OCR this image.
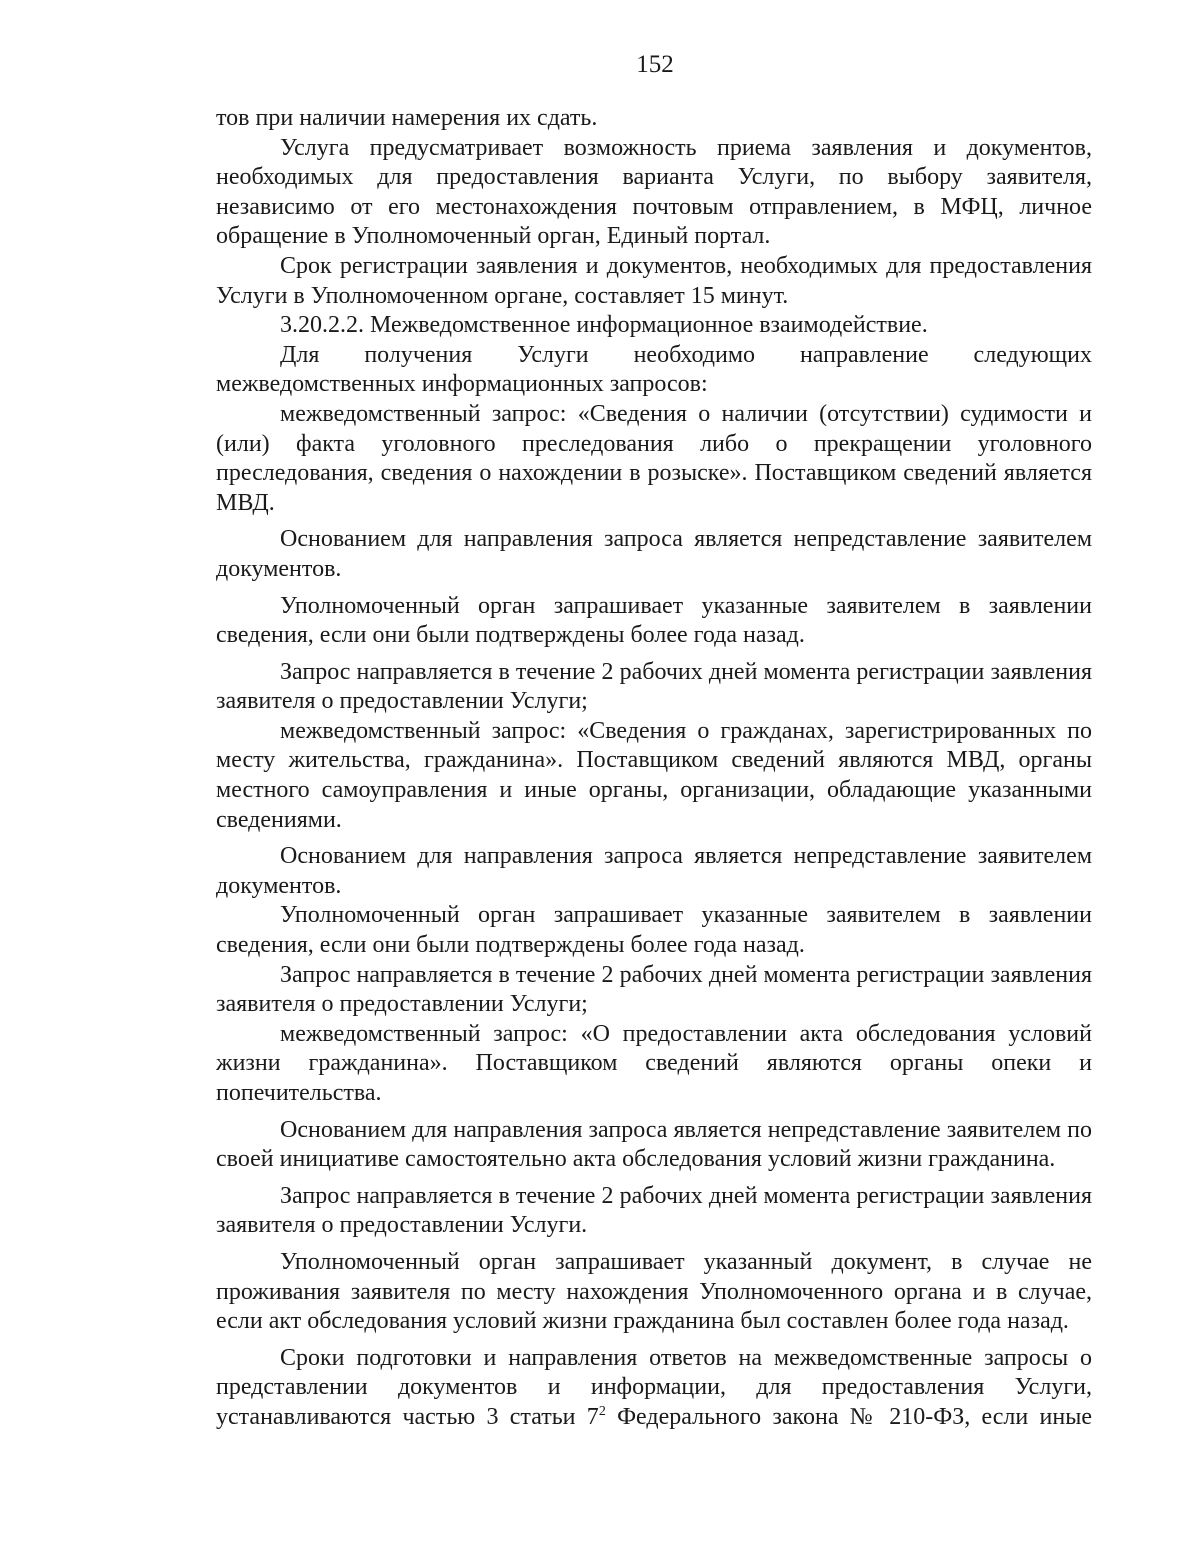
152

тов при наличии намерения их сдать.

Услуга предусматривает возможность приема заявления и документов, необходимых для предоставления варианта Услуги, по выбору заявителя, независимо от его местонахождения почтовым отправлением, в МФЦ, личное обращение в Уполномоченный орган, Единый портал.

Срок регистрации заявления и документов, необходимых для предоставления Услуги в Уполномоченном органе, составляет 15 минут.

3.20.2.2. Межведомственное информационное взаимодействие.

Для получения Услуги необходимо направление следующих межведомственных информационных запросов:

межведомственный запрос: «Сведения о наличии (отсутствии) судимости и (или) факта уголовного преследования либо о прекращении уголовного преследования, сведения о нахождении в розыске». Поставщиком сведений является МВД.

Основанием для направления запроса является непредставление заявителем документов.

Уполномоченный орган запрашивает указанные заявителем в заявлении сведения, если они были подтверждены более года назад.

Запрос направляется в течение 2 рабочих дней момента регистрации заявления заявителя о предоставлении Услуги;

межведомственный запрос: «Сведения о гражданах, зарегистрированных по месту жительства, гражданина». Поставщиком сведений являются МВД, органы местного самоуправления и иные органы, организации, обладающие указанными сведениями.

Основанием для направления запроса является непредставление заявителем документов.

Уполномоченный орган запрашивает указанные заявителем в заявлении сведения, если они были подтверждены более года назад.

Запрос направляется в течение 2 рабочих дней момента регистрации заявления заявителя о предоставлении Услуги;

межведомственный запрос: «О предоставлении акта обследования условий жизни гражданина». Поставщиком сведений являются органы опеки и попечительства.

Основанием для направления запроса является непредставление заявителем по своей инициативе самостоятельно акта обследования условий жизни гражданина.

Запрос направляется в течение 2 рабочих дней момента регистрации заявления заявителя о предоставлении Услуги.

Уполномоченный орган запрашивает указанный документ, в случае не проживания заявителя по месту нахождения Уполномоченного органа и в случае, если акт обследования условий жизни гражданина был составлен более года назад.

Сроки подготовки и направления ответов на межведомственные запросы о представлении документов и информации, для предоставления Услуги, устанавливаются частью 3 статьи $7^2$ Федерального закона № 210-ФЗ, если иные
